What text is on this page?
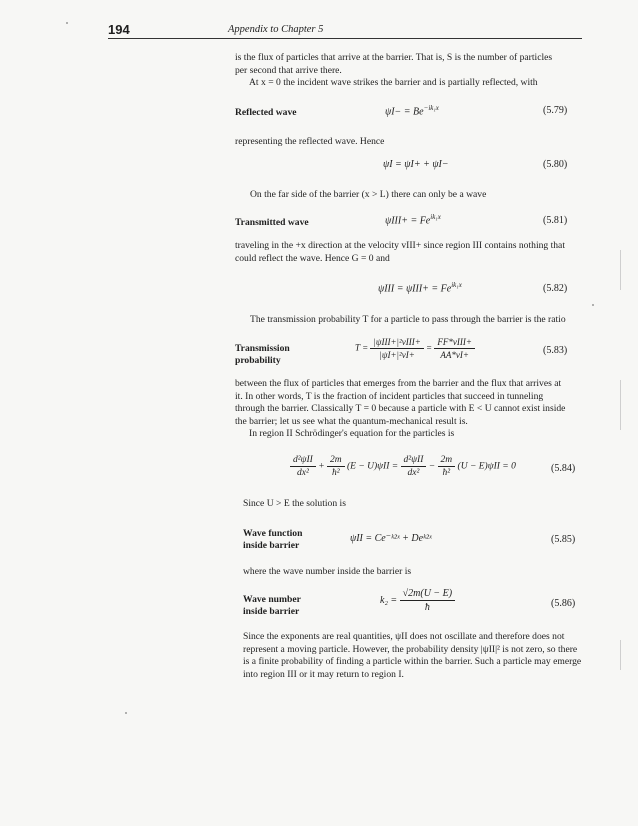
194	Appendix to Chapter 5
is the flux of particles that arrive at the barrier. That is, S is the number of particles
per second that arrive there.
At x = 0 the incident wave strikes the barrier and is partially reflected, with
Reflected wave	$\psi I- = Be^{-ik_1x}$	(5.79)
representing the reflected wave. Hence
ψI = ψI+ + ψI−	(5.80)
On the far side of the barrier (x > L) there can only be a wave
Transmitted wave	$\psi III+ = Fe^{ik_1x}$	(5.81)
traveling in the +x direction at the velocity vIII+ since region III contains nothing that
could reflect the wave. Hence G = 0 and
$\psi III = \psi III+ = Fe^{ik_1x}$	(5.82)
The transmission probability T for a particle to pass through the barrier is the ratio
Transmission
probability
$T = \frac{\text{|ψIII+|²vIII+}}{\text{|ψI+|²vI+}} = \frac{\text{FF*vIII+}}{AA*vI+}$	(5.83)
between the flux of particles that emerges from the barrier and the flux that arrives at
it. In other words, T is the fraction of incident particles that succeed in tunneling
through the barrier. Classically T = 0 because a particle with E < U cannot exist inside
the barrier; let us see what the quantum-mechanical result is.
In region II Schrödinger's equation for the particles is
$\frac{\text{d²ψII}}{\text{dx²}} + \frac{2m}{\text{ħ²}} (E - U)\psi II = \frac{\text{d²ψII}}{\text{dx²}} - \frac{2m}{\text{ħ²}} (U - E)\psi II = 0$	(5.84)
Since U > E the solution is
Wave function
inside barrier
ψII = Ce⁻ᵏ²ˣ + Deᵏ²ˣ	(5.85)
where the wave number inside the barrier is
Wave number
inside barrier
$k_2 = \frac{√2m(U - E)}{ħ}$	(5.86)
Since the exponents are real quantities, ψII does not oscillate and therefore does not
represent a moving particle. However, the probability density |ψII|² is not zero, so there
is a finite probability of finding a particle within the barrier. Such a particle may emerge
into region III or it may return to region I.
